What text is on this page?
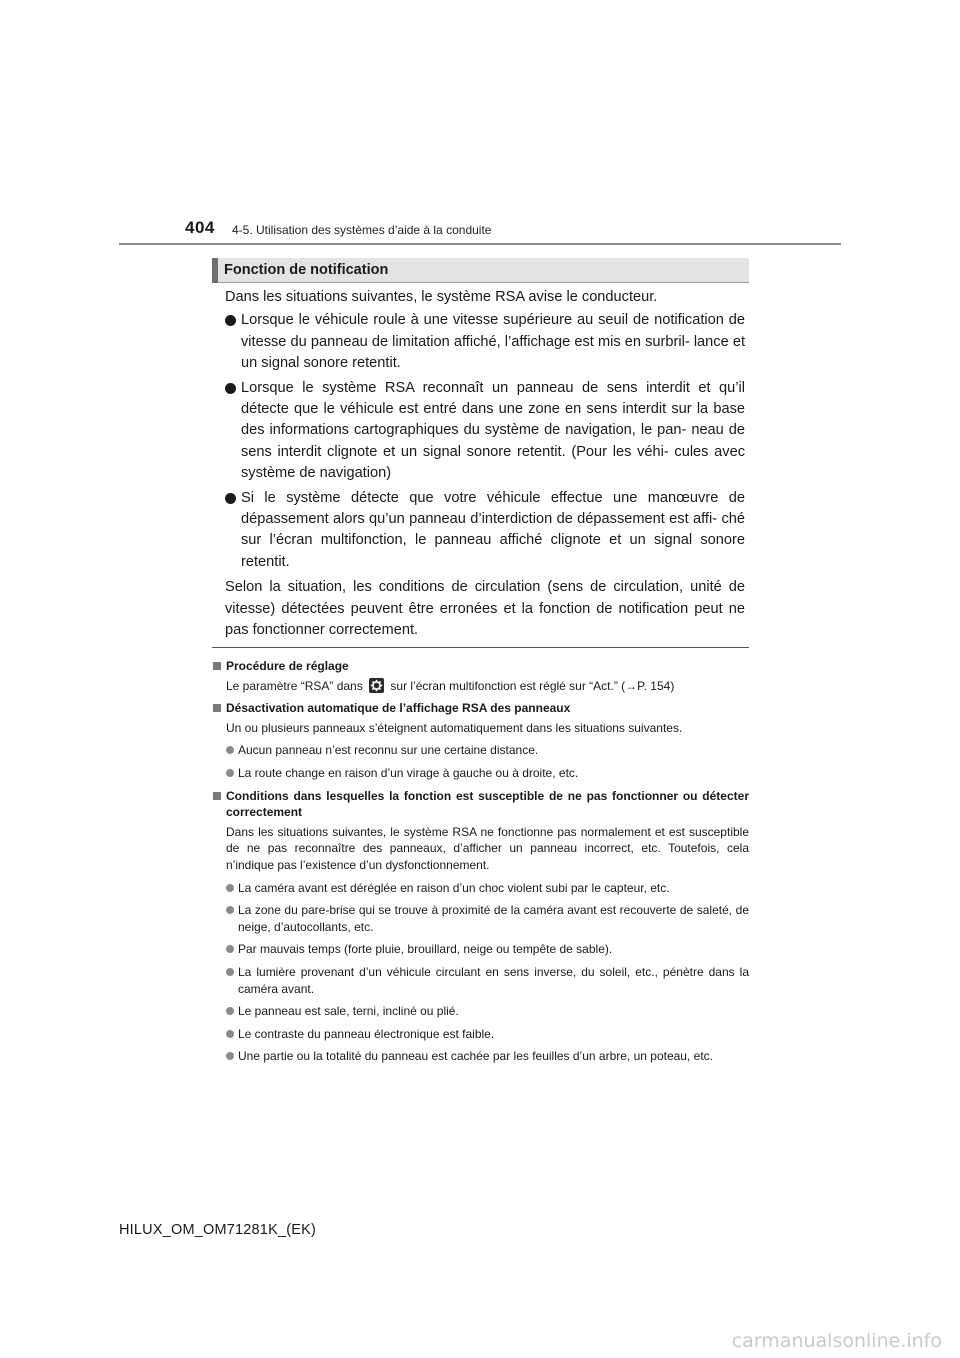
404 4-5. Utilisation des systèmes d’aide à la conduite
Fonction de notification

Dans les situations suivantes, le système RSA avise le conducteur.

Lorsque le véhicule roule à une vitesse supérieure au seuil de notification de vitesse du panneau de limitation affiché, l’affichage est mis en surbril- lance et un signal sonore retentit.
Lorsque le système RSA reconnaît un panneau de sens interdit et qu’il détecte que le véhicule est entré dans une zone en sens interdit sur la base des informations cartographiques du système de navigation, le pan- neau de sens interdit clignote et un signal sonore retentit. (Pour les véhi- cules avec système de navigation)
Si le système détecte que votre véhicule effectue une manœuvre de dépassement alors qu’un panneau d’interdiction de dépassement est affi- ché sur l’écran multifonction, le panneau affiché clignote et un signal sonore retentit.

Selon la situation, les conditions de circulation (sens de circulation, unité de vitesse) détectées peuvent être erronées et la fonction de notification peut ne pas fonctionner correctement.

Procédure de réglage

Le paramètre “RSA” dans sur l’écran multifonction est réglé sur “Act.” (→P. 154)

Désactivation automatique de l’affichage RSA des panneaux

Un ou plusieurs panneaux s’éteignent automatiquement dans les situations suivantes.

Aucun panneau n’est reconnu sur une certaine distance.
La route change en raison d’un virage à gauche ou à droite, etc.
Conditions dans lesquelles la fonction est susceptible de ne pas fonctionner ou détecter correctement

Dans les situations suivantes, le système RSA ne fonctionne pas normalement et est susceptible de ne pas reconnaître des panneaux, d’afficher un panneau incorrect, etc. Toutefois, cela n’indique pas l’existence d’un dysfonctionnement.

La caméra avant est déréglée en raison d’un choc violent subi par le capteur, etc.
La zone du pare-brise qui se trouve à proximité de la caméra avant est recouverte de saleté, de neige, d’autocollants, etc.
Par mauvais temps (forte pluie, brouillard, neige ou tempête de sable).
La lumière provenant d’un véhicule circulant en sens inverse, du soleil, etc., pénètre dans la caméra avant.
Le panneau est sale, terni, incliné ou plié.
Le contraste du panneau électronique est faible.
Une partie ou la totalité du panneau est cachée par les feuilles d’un arbre, un poteau, etc.
HILUX_OM_OM71281K_(EK)
carmanualsonline.info
